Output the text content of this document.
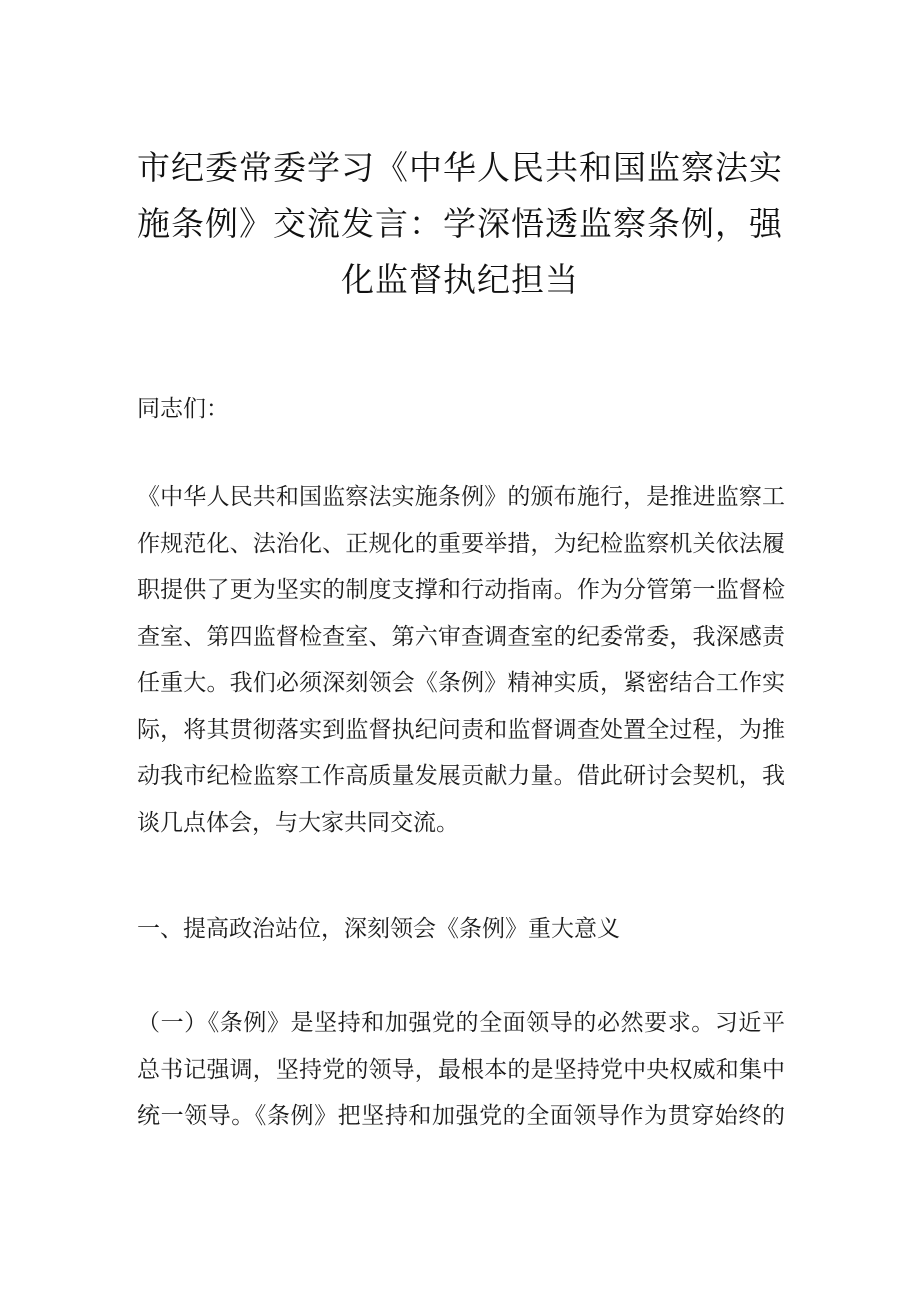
市纪委常委学习《中华人民共和国监察法实
施条例》交流发言：学深悟透监察条例，强
化监督执纪担当
同志们：
《中华人民共和国监察法实施条例》的颁布施行，是推进监察工
作规范化、法治化、正规化的重要举措，为纪检监察机关依法履
职提供了更为坚实的制度支撑和行动指南。作为分管第一监督检
查室、第四监督检查室、第六审查调查室的纪委常委，我深感责
任重大。我们必须深刻领会《条例》精神实质，紧密结合工作实
际，将其贯彻落实到监督执纪问责和监督调查处置全过程，为推
动我市纪检监察工作高质量发展贡献力量。借此研讨会契机，我
谈几点体会，与大家共同交流。
一、提高政治站位，深刻领会《条例》重大意义
（一）《条例》是坚持和加强党的全面领导的必然要求。习近平
总书记强调，坚持党的领导，最根本的是坚持党中央权威和集中
统一领导。《条例》把坚持和加强党的全面领导作为贯穿始终的
